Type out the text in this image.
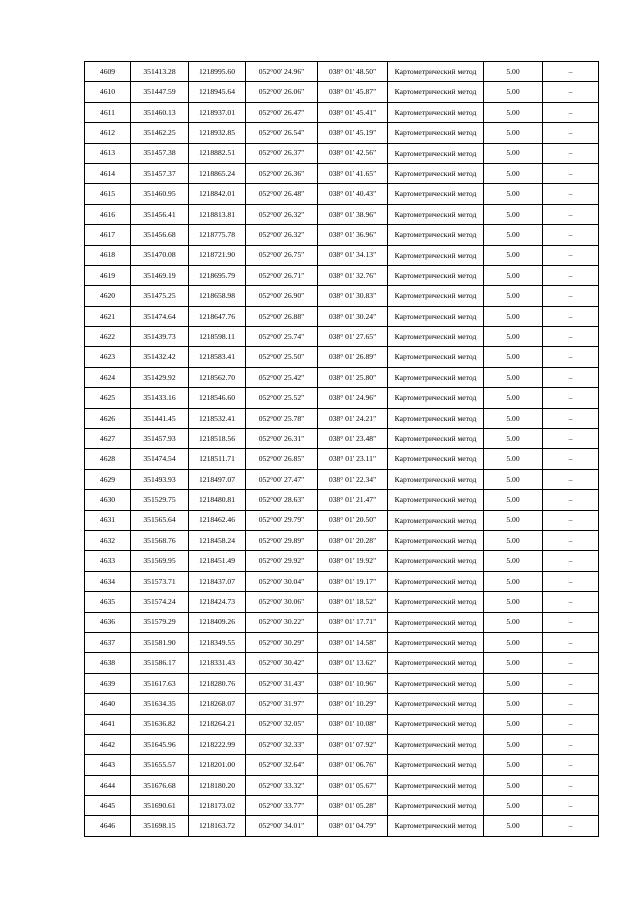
4609	351413.28	1218995.60	052°00' 24.96"	038° 01' 48.50"	Картометрический метод	5.00	–
4610	351447.59	1218945.64	052°00' 26.06"	038° 01' 45.87"	Картометрический метод	5.00	–
4611	351460.13	1218937.01	052°00' 26.47"	038° 01' 45.41"	Картометрический метод	5.00	–
4612	351462.25	1218932.85	052°00' 26.54"	038° 01' 45.19"	Картометрический метод	5.00	–
4613	351457.38	1218882.51	052°00' 26.37"	038° 01' 42.56"	Картометрический метод	5.00	–
4614	351457.37	1218865.24	052°00' 26.36"	038° 01' 41.65"	Картометрический метод	5.00	–
4615	351460.95	1218842.01	052°00' 26.48"	038° 01' 40.43"	Картометрический метод	5.00	–
4616	351456.41	1218813.81	052°00' 26.32"	038° 01' 38.96"	Картометрический метод	5.00	–
4617	351456.68	1218775.78	052°00' 26.32"	038° 01' 36.96"	Картометрический метод	5.00	–
4618	351470.08	1218721.90	052°00' 26.75"	038° 01' 34.13"	Картометрический метод	5.00	–
4619	351469.19	1218695.79	052°00' 26.71"	038° 01' 32.76"	Картометрический метод	5.00	–
4620	351475.25	1218658.98	052°00' 26.90"	038° 01' 30.83"	Картометрический метод	5.00	–
4621	351474.64	1218647.76	052°00' 26.88"	038° 01' 30.24"	Картометрический метод	5.00	–
4622	351439.73	1218598.11	052°00' 25.74"	038° 01' 27.65"	Картометрический метод	5.00	–
4623	351432.42	1218583.41	052°00' 25.50"	038° 01' 26.89"	Картометрический метод	5.00	–
4624	351429.92	1218562.70	052°00' 25.42"	038° 01' 25.80"	Картометрический метод	5.00	–
4625	351433.16	1218546.60	052°00' 25.52"	038° 01' 24.96"	Картометрический метод	5.00	–
4626	351441.45	1218532.41	052°00' 25.78"	038° 01' 24.21"	Картометрический метод	5.00	–
4627	351457.93	1218518.56	052°00' 26.31"	038° 01' 23.48"	Картометрический метод	5.00	–
4628	351474.54	1218511.71	052°00' 26.85"	038° 01' 23.11"	Картометрический метод	5.00	–
4629	351493.93	1218497.07	052°00' 27.47"	038° 01' 22.34"	Картометрический метод	5.00	–
4630	351529.75	1218480.81	052°00' 28.63"	038° 01' 21.47"	Картометрический метод	5.00	–
4631	351565.64	1218462.46	052°00' 29.79"	038° 01' 20.50"	Картометрический метод	5.00	–
4632	351568.76	1218458.24	052°00' 29.89"	038° 01' 20.28"	Картометрический метод	5.00	–
4633	351569.95	1218451.49	052°00' 29.92"	038° 01' 19.92"	Картометрический метод	5.00	–
4634	351573.71	1218437.07	052°00' 30.04"	038° 01' 19.17"	Картометрический метод	5.00	–
4635	351574.24	1218424.73	052°00' 30.06"	038° 01' 18.52"	Картометрический метод	5.00	–
4636	351579.29	1218409.26	052°00' 30.22"	038° 01' 17.71"	Картометрический метод	5.00	–
4637	351581.90	1218349.55	052°00' 30.29"	038° 01' 14.58"	Картометрический метод	5.00	–
4638	351586.17	1218331.43	052°00' 30.42"	038° 01' 13.62"	Картометрический метод	5.00	–
4639	351617.63	1218280.76	052°00' 31.43"	038° 01' 10.96"	Картометрический метод	5.00	–
4640	351634.35	1218268.07	052°00' 31.97"	038° 01' 10.29"	Картометрический метод	5.00	–
4641	351636.82	1218264.21	052°00' 32.05"	038° 01' 10.08"	Картометрический метод	5.00	–
4642	351645.96	1218222.99	052°00' 32.33"	038° 01' 07.92"	Картометрический метод	5.00	–
4643	351655.57	1218201.00	052°00' 32.64"	038° 01' 06.76"	Картометрический метод	5.00	–
4644	351676.68	1218180.20	052°00' 33.32"	038° 01' 05.67"	Картометрический метод	5.00	–
4645	351690.61	1218173.02	052°00' 33.77"	038° 01' 05.28"	Картометрический метод	5.00	–
4646	351698.15	1218163.72	052°00' 34.01"	038° 01' 04.79"	Картометрический метод	5.00	–
